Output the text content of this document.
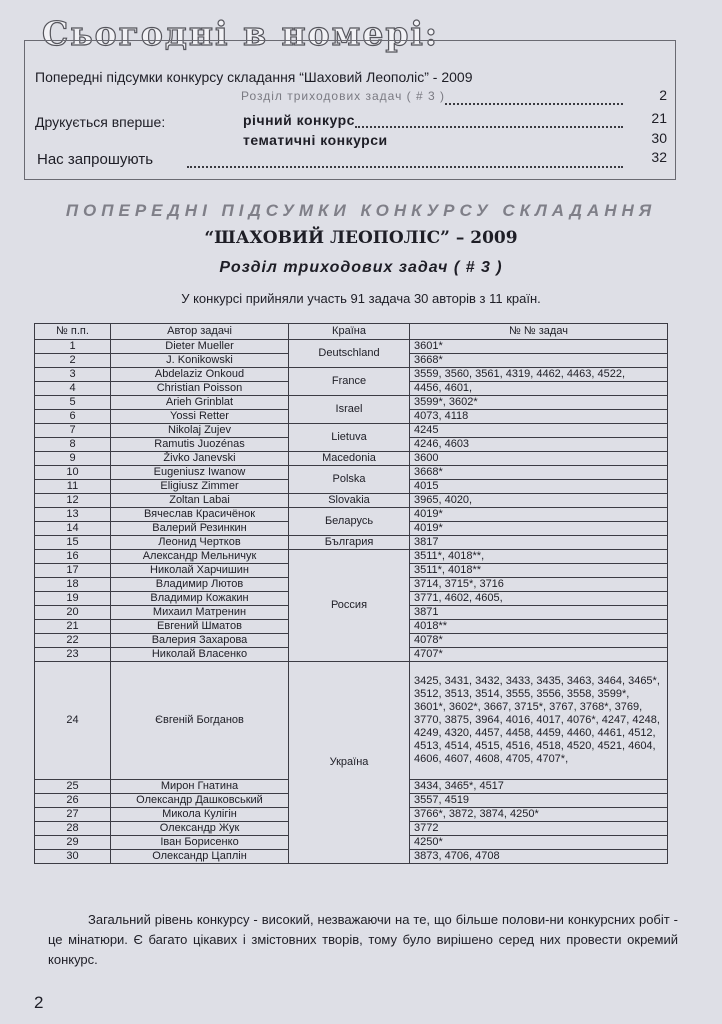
Сьогодні в номері:
Попередні підсумки конкурсу складання “Шаховий Леополіс” - 2009
Розділ триходових задач ( # 3 )	2
Друкується вперше:	річний конкурс	21
тематичні конкурси	30
Нас запрошують	32
ПОПЕРЕДНІ ПІДСУМКИ КОНКУРСУ СКЛАДАННЯ
“ШАХОВИЙ ЛЕОПОЛІС” – 2009
Розділ триходових задач ( # 3 )
У конкурсі прийняли участь 91 задача 30 авторів з 11 країн.
№ п.п.	Автор задачі	Країна	№ № задач
1	Dieter Mueller	Deutschland	3601*
2	J. Konikowski		3668*
3	Abdelaziz Onkoud	France	3559, 3560, 3561, 4319, 4462, 4463, 4522,
4	Christian Poisson		4456, 4601,
5	Arieh Grinblat	Israel	3599*, 3602*
6	Yossi Retter		4073, 4118
7	Nikolaj Zujev	Lietuva	4245
8	Ramutis Juozénas		4246, 4603
9	Živko Janevski	Macedonia	3600
10	Eugeniusz Iwanow	Polska	3668*
11	Eligiusz Zimmer		4015
12	Zoltan Labai	Slovakia	3965, 4020,
13	Вячеслав Красичёнок	Беларусь	4019*
14	Валерий Резинкин		4019*
15	Леонид Чертков	България	3817
16	Александр Мельничук	Россия	3511*, 4018**,
17	Николай Харчишин		3511*, 4018**
18	Владимир Лютов		3714, 3715*, 3716
19	Владимир Кожакин		3771, 4602, 4605,
20	Михаил Матренин		3871
21	Евгений Шматов		4018**
22	Валерия Захарова		4078*
23	Николай Власенко		4707*
24	Євгеній Богданов	Україна	3425, 3431, 3432, 3433, 3435, 3463, 3464, 3465*, 3512, 3513, 3514, 3555, 3556, 3558, 3599*, 3601*, 3602*, 3667, 3715*, 3767, 3768*, 3769, 3770, 3875, 3964, 4016, 4017, 4076*, 4247, 4248, 4249, 4320, 4457, 4458, 4459, 4460, 4461, 4512, 4513, 4514, 4515, 4516, 4518, 4520, 4521, 4604, 4606, 4607, 4608, 4705, 4707*,
25	Мирон Гнатина		3434, 3465*, 4517
26	Олександр Дашковський		3557, 4519
27	Микола Кулігін		3766*, 3872, 3874, 4250*
28	Олександр Жук		3772
29	Іван Борисенко		4250*
30	Олександр Цаплін		3873, 4706, 4708

Загальний рівень конкурсу - високий, незважаючи на те, що більше полови-ни конкурсних робіт - це мінатюри. Є багато цікавих і змістовних творів, тому було вирішено серед них провести окремий конкурс.

2
